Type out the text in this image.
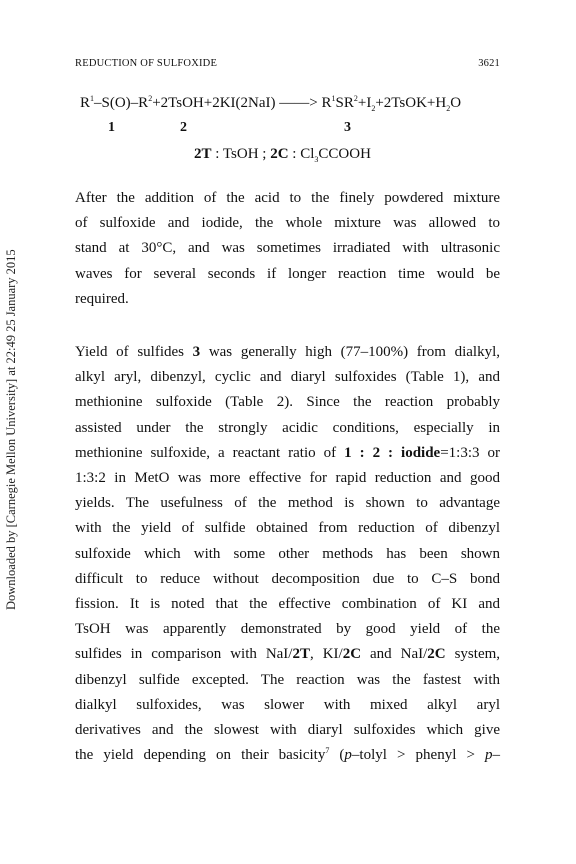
Downloaded by [Carnegie Mellon University] at 22:49 25 January 2015
REDUCTION OF SULFOXIDE	3621
$R^1-S(O)-R^2+2TsOH+2KI(2NaI)$ ——> $R^1SR^2+I_2+2TsOK+H_2O$
1	2	3
2T : TsOH ; 2C : $Cl_3CCOOH$
After the addition of the acid to the finely powdered mixture
of sulfoxide and iodide, the whole mixture was allowed to
stand at 30°C, and was sometimes irradiated with ultrasonic
waves for several seconds if longer reaction time would be
required.
Yield of sulfides 3 was generally high (77–100%) from dialkyl,
alkyl aryl, dibenzyl, cyclic and diaryl sulfoxides (Table 1), and
methionine sulfoxide (Table 2). Since the reaction probably
assisted under the strongly acidic conditions, especially in
methionine sulfoxide, a reactant ratio of 1 : 2 : iodide=1:3:3 or
1:3:2 in MetO was more effective for rapid reduction and good
yields. The usefulness of the method is shown to advantage
with the yield of sulfide obtained from reduction of dibenzyl
sulfoxide which with some other methods has been shown
difficult to reduce without decomposition due to C–S bond
fission. It is noted that the effective combination of KI and
TsOH was apparently demonstrated by good yield of the
sulfides in comparison with NaI/2T, KI/2C and NaI/2C system,
dibenzyl sulfide excepted. The reaction was the fastest with
dialkyl sulfoxides, was slower with mixed alkyl aryl
derivatives and the slowest with diaryl sulfoxides which give
the yield depending on their basicity$^7$ (p–tolyl > phenyl > p–
